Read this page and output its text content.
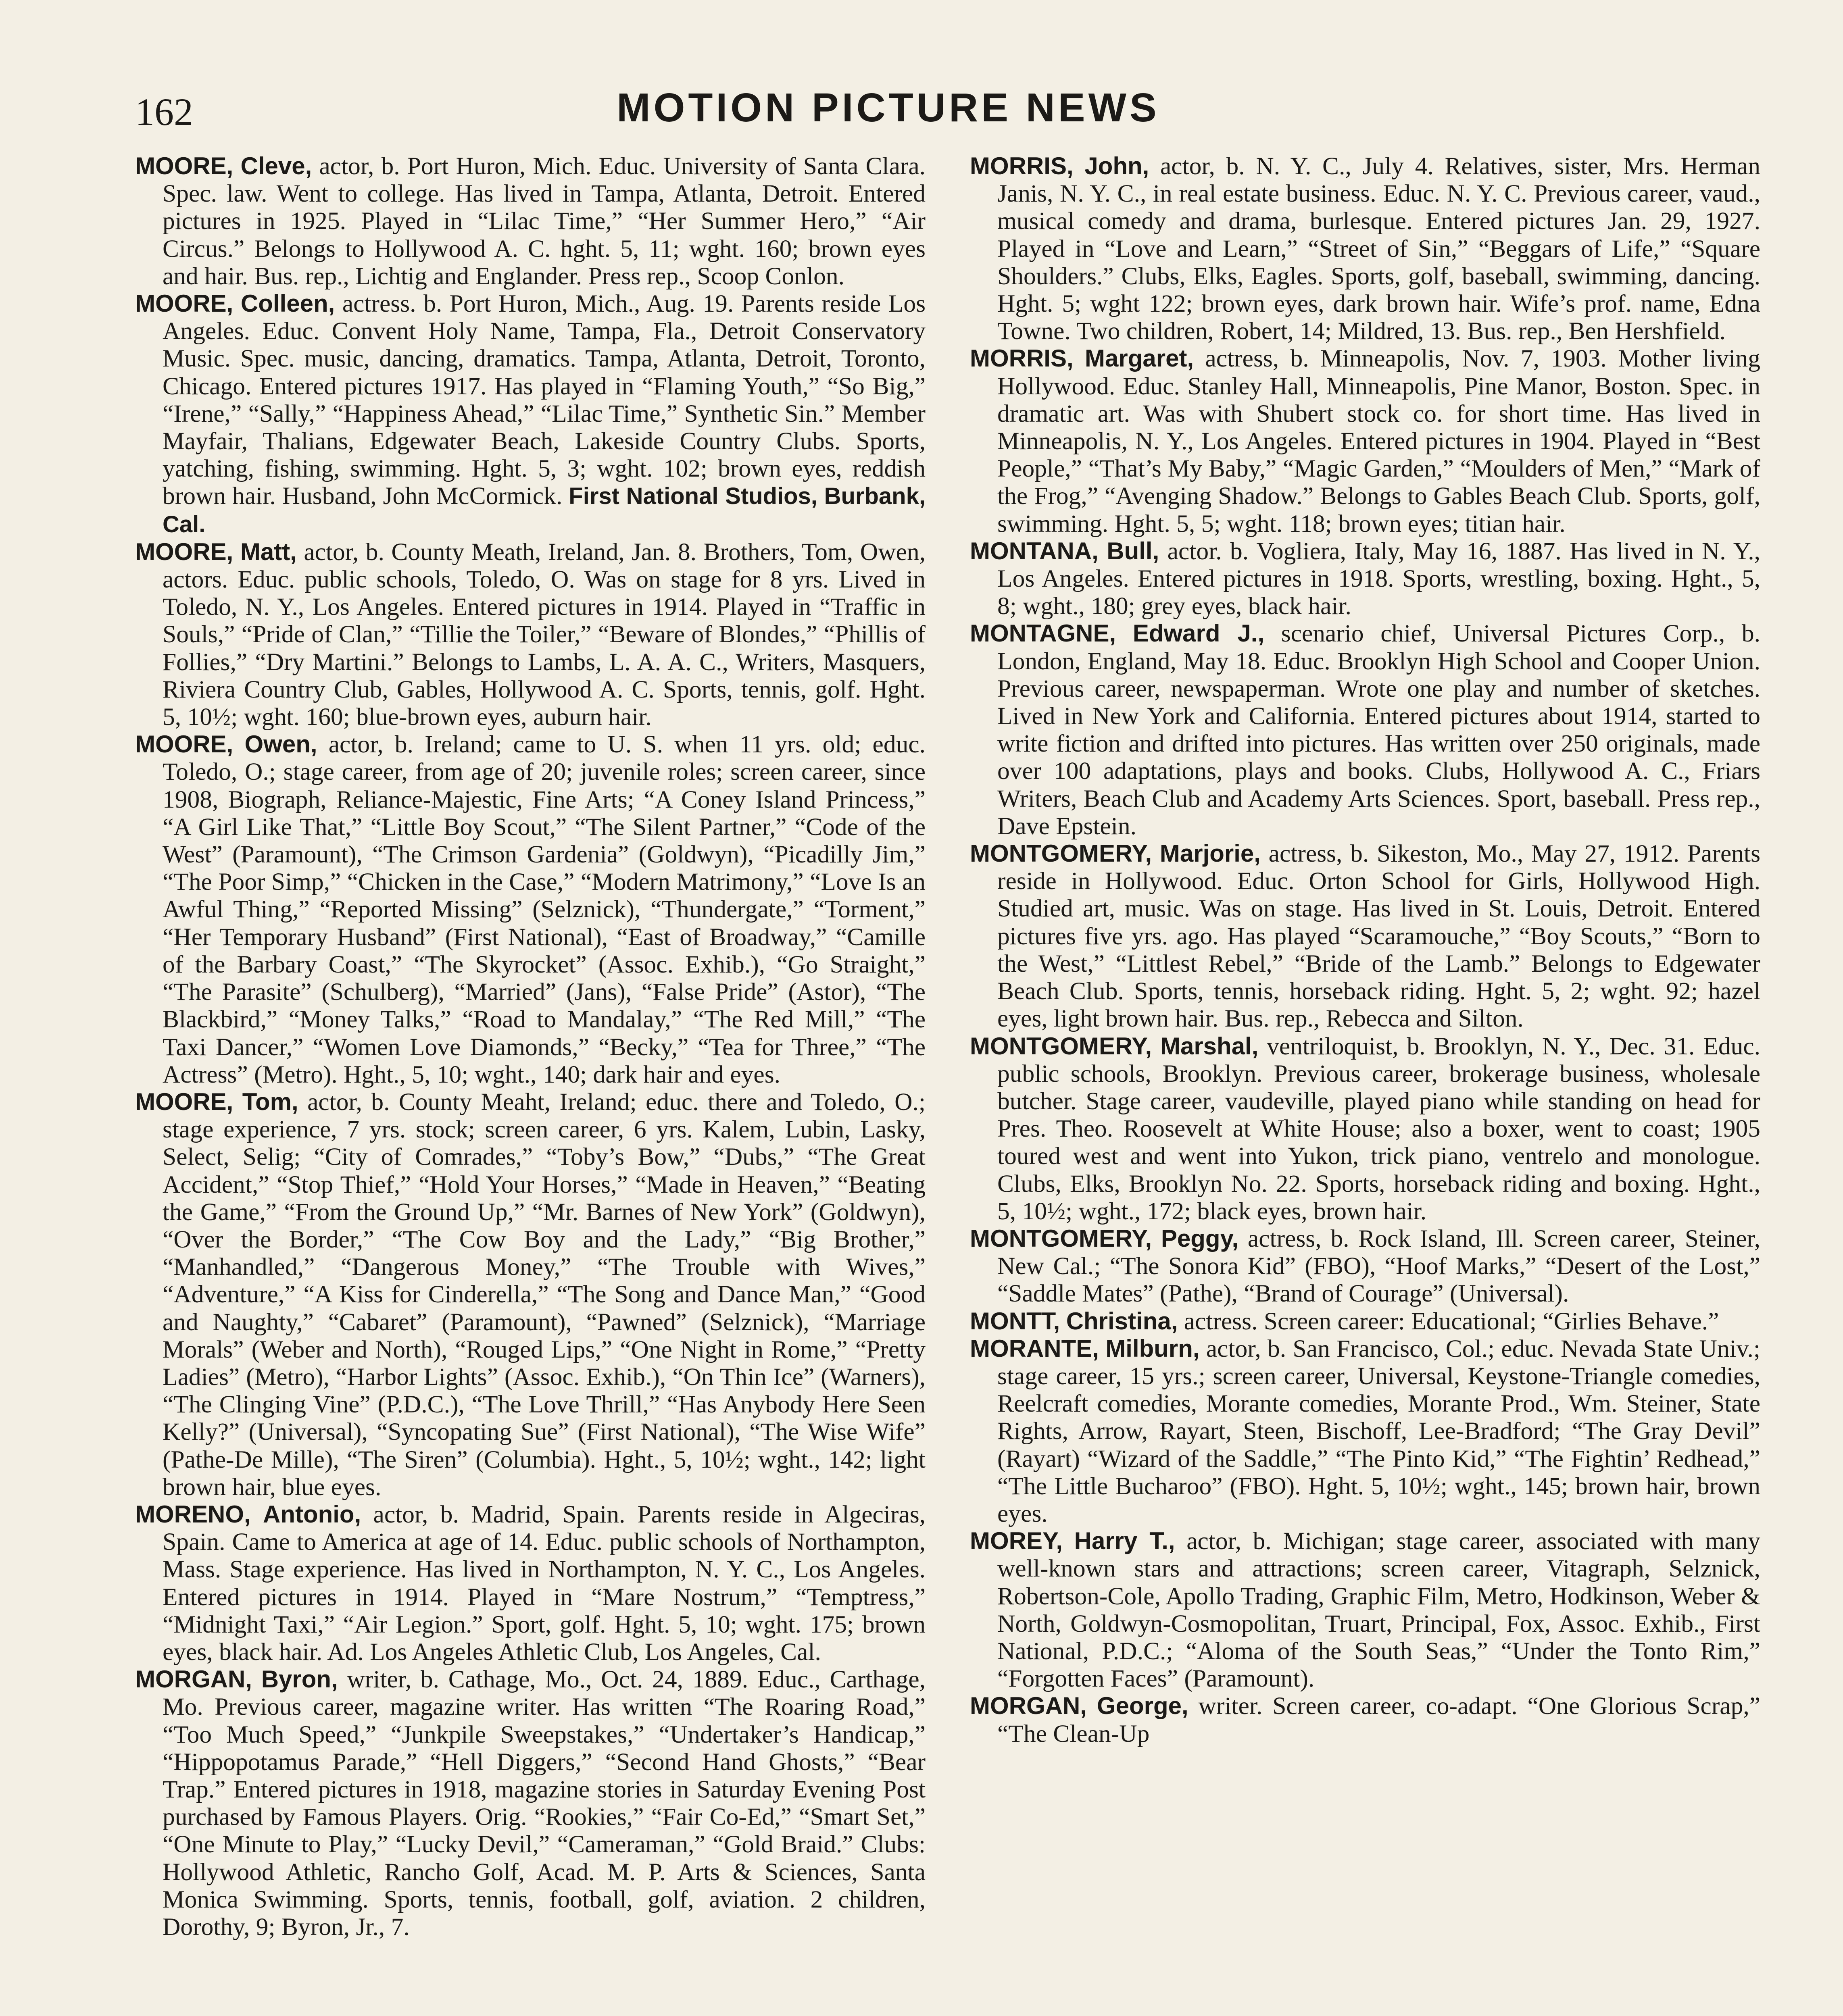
162	MOTION PICTURE NEWS

MOORE, Cleve, actor, b. Port Huron, Mich. Educ. University of Santa Clara. Spec. law. Went to college. Has lived in Tampa, Atlanta, Detroit. Entered pictures in 1925. Played in “Lilac Time,” “Her Summer Hero,” “Air Circus.” Belongs to Hollywood A. C. hght. 5, 11; wght. 160; brown eyes and hair. Bus. rep., Lichtig and Englander. Press rep., Scoop Conlon.

MOORE, Colleen, actress. b. Port Huron, Mich., Aug. 19. Parents reside Los Angeles. Educ. Convent Holy Name, Tampa, Fla., Detroit Conservatory Music. Spec. music, dancing, dramatics. Tampa, Atlanta, Detroit, Toronto, Chicago. Entered pictures 1917. Has played in “Flaming Youth,” “So Big,” “Irene,” “Sally,” “Happiness Ahead,” “Lilac Time,” Synthetic Sin.” Member Mayfair, Thalians, Edgewater Beach, Lakeside Country Clubs. Sports, yatching, fishing, swimming. Hght. 5, 3; wght. 102; brown eyes, reddish brown hair. Husband, John McCormick. First National Studios, Burbank, Cal.

MOORE, Matt, actor, b. County Meath, Ireland, Jan. 8. Brothers, Tom, Owen, actors. Educ. public schools, Toledo, O. Was on stage for 8 yrs. Lived in Toledo, N. Y., Los Angeles. Entered pictures in 1914. Played in “Traffic in Souls,” “Pride of Clan,” “Tillie the Toiler,” “Beware of Blondes,” “Phillis of Follies,” “Dry Martini.” Belongs to Lambs, L. A. A. C., Writers, Masquers, Riviera Country Club, Gables, Hollywood A. C. Sports, tennis, golf. Hght. 5, 10½; wght. 160; blue-brown eyes, auburn hair.

MOORE, Owen, actor, b. Ireland; came to U. S. when 11 yrs. old; educ. Toledo, O.; stage career, from age of 20; juvenile roles; screen career, since 1908, Biograph, Reliance-Majestic, Fine Arts; “A Coney Island Princess,” “A Girl Like That,” “Little Boy Scout,” “The Silent Partner,” “Code of the West” (Paramount), “The Crimson Gardenia” (Goldwyn), “Picadilly Jim,” “The Poor Simp,” “Chicken in the Case,” “Modern Matrimony,” “Love Is an Awful Thing,” “Reported Missing” (Selznick), “Thundergate,” “Torment,” “Her Temporary Husband” (First National), “East of Broadway,” “Camille of the Barbary Coast,” “The Skyrocket” (Assoc. Exhib.), “Go Straight,” “The Parasite” (Schulberg), “Married” (Jans), “False Pride” (Astor), “The Blackbird,” “Money Talks,” “Road to Mandalay,” “The Red Mill,” “The Taxi Dancer,” “Women Love Diamonds,” “Becky,” “Tea for Three,” “The Actress” (Metro). Hght., 5, 10; wght., 140; dark hair and eyes.

MOORE, Tom, actor, b. County Meaht, Ireland; educ. there and Toledo, O.; stage experience, 7 yrs. stock; screen career, 6 yrs. Kalem, Lubin, Lasky, Select, Selig; “City of Comrades,” “Toby’s Bow,” “Dubs,” “The Great Accident,” “Stop Thief,” “Hold Your Horses,” “Made in Heaven,” “Beating the Game,” “From the Ground Up,” “Mr. Barnes of New York” (Goldwyn), “Over the Border,” “The Cow Boy and the Lady,” “Big Brother,” “Manhandled,” “Dangerous Money,” “The Trouble with Wives,” “Adventure,” “A Kiss for Cinderella,” “The Song and Dance Man,” “Good and Naughty,” “Cabaret” (Paramount), “Pawned” (Selznick), “Marriage Morals” (Weber and North), “Rouged Lips,” “One Night in Rome,” “Pretty Ladies” (Metro), “Harbor Lights” (Assoc. Exhib.), “On Thin Ice” (Warners), “The Clinging Vine” (P.D.C.), “The Love Thrill,” “Has Anybody Here Seen Kelly?” (Universal), “Syncopating Sue” (First National), “The Wise Wife” (Pathe-De Mille), “The Siren” (Columbia). Hght., 5, 10½; wght., 142; light brown hair, blue eyes.

MORENO, Antonio, actor, b. Madrid, Spain. Parents reside in Algeciras, Spain. Came to America at age of 14. Educ. public schools of Northampton, Mass. Stage experience. Has lived in Northampton, N. Y. C., Los Angeles. Entered pictures in 1914. Played in “Mare Nostrum,” “Temptress,” “Midnight Taxi,” “Air Legion.” Sport, golf. Hght. 5, 10; wght. 175; brown eyes, black hair. Ad. Los Angeles Athletic Club, Los Angeles, Cal.

MORGAN, Byron, writer, b. Cathage, Mo., Oct. 24, 1889. Educ., Carthage, Mo. Previous career, magazine writer. Has written “The Roaring Road,” “Too Much Speed,” “Junkpile Sweepstakes,” “Undertaker’s Handicap,” “Hippopotamus Parade,” “Hell Diggers,” “Second Hand Ghosts,” “Bear Trap.” Entered pictures in 1918, magazine stories in Saturday Evening Post purchased by Famous Players. Orig. “Rookies,” “Fair Co-Ed,” “Smart Set,” “One Minute to Play,” “Lucky Devil,” “Cameraman,” “Gold Braid.” Clubs: Hollywood Athletic, Rancho Golf, Acad. M. P. Arts & Sciences, Santa Monica Swimming. Sports, tennis, football, golf, aviation. 2 children, Dorothy, 9; Byron, Jr., 7.

MORRIS, John, actor, b. N. Y. C., July 4. Relatives, sister, Mrs. Herman Janis, N. Y. C., in real estate business. Educ. N. Y. C. Previous career, vaud., musical comedy and drama, burlesque. Entered pictures Jan. 29, 1927. Played in “Love and Learn,” “Street of Sin,” “Beggars of Life,” “Square Shoulders.” Clubs, Elks, Eagles. Sports, golf, baseball, swimming, dancing. Hght. 5; wght 122; brown eyes, dark brown hair. Wife’s prof. name, Edna Towne. Two children, Robert, 14; Mildred, 13. Bus. rep., Ben Hershfield.

MORRIS, Margaret, actress, b. Minneapolis, Nov. 7, 1903. Mother living Hollywood. Educ. Stanley Hall, Minneapolis, Pine Manor, Boston. Spec. in dramatic art. Was with Shubert stock co. for short time. Has lived in Minneapolis, N. Y., Los Angeles. Entered pictures in 1904. Played in “Best People,” “That’s My Baby,” “Magic Garden,” “Moulders of Men,” “Mark of the Frog,” “Avenging Shadow.” Belongs to Gables Beach Club. Sports, golf, swimming. Hght. 5, 5; wght. 118; brown eyes; titian hair.

MONTANA, Bull, actor. b. Vogliera, Italy, May 16, 1887. Has lived in N. Y., Los Angeles. Entered pictures in 1918. Sports, wrestling, boxing. Hght., 5, 8; wght., 180; grey eyes, black hair.

MONTAGNE, Edward J., scenario chief, Universal Pictures Corp., b. London, England, May 18. Educ. Brooklyn High School and Cooper Union. Previous career, newspaperman. Wrote one play and number of sketches. Lived in New York and California. Entered pictures about 1914, started to write fiction and drifted into pictures. Has written over 250 originals, made over 100 adaptations, plays and books. Clubs, Hollywood A. C., Friars Writers, Beach Club and Academy Arts Sciences. Sport, baseball. Press rep., Dave Epstein.

MONTGOMERY, Marjorie, actress, b. Sikeston, Mo., May 27, 1912. Parents reside in Hollywood. Educ. Orton School for Girls, Hollywood High. Studied art, music. Was on stage. Has lived in St. Louis, Detroit. Entered pictures five yrs. ago. Has played “Scaramouche,” “Boy Scouts,” “Born to the West,” “Littlest Rebel,” “Bride of the Lamb.” Belongs to Edgewater Beach Club. Sports, tennis, horseback riding. Hght. 5, 2; wght. 92; hazel eyes, light brown hair. Bus. rep., Rebecca and Silton.

MONTGOMERY, Marshal, ventriloquist, b. Brooklyn, N. Y., Dec. 31. Educ. public schools, Brooklyn. Previous career, brokerage business, wholesale butcher. Stage career, vaudeville, played piano while standing on head for Pres. Theo. Roosevelt at White House; also a boxer, went to coast; 1905 toured west and went into Yukon, trick piano, ventrelo and monologue. Clubs, Elks, Brooklyn No. 22. Sports, horseback riding and boxing. Hght., 5, 10½; wght., 172; black eyes, brown hair.

MONTGOMERY, Peggy, actress, b. Rock Island, Ill. Screen career, Steiner, New Cal.; “The Sonora Kid” (FBO), “Hoof Marks,” “Desert of the Lost,” “Saddle Mates” (Pathe), “Brand of Courage” (Universal).

MONTT, Christina, actress. Screen career: Educational; “Girlies Behave.”

MORANTE, Milburn, actor, b. San Francisco, Col.; educ. Nevada State Univ.; stage career, 15 yrs.; screen career, Universal, Keystone-Triangle comedies, Reelcraft comedies, Morante comedies, Morante Prod., Wm. Steiner, State Rights, Arrow, Rayart, Steen, Bischoff, Lee-Bradford; “The Gray Devil” (Rayart) “Wizard of the Saddle,” “The Pinto Kid,” “The Fightin’ Redhead,” “The Little Bucharoo” (FBO). Hght. 5, 10½; wght., 145; brown hair, brown eyes.

MOREY, Harry T., actor, b. Michigan; stage career, associated with many well-known stars and attractions; screen career, Vitagraph, Selznick, Robertson-Cole, Apollo Trading, Graphic Film, Metro, Hodkinson, Weber & North, Goldwyn-Cosmopolitan, Truart, Principal, Fox, Assoc. Exhib., First National, P.D.C.; “Aloma of the South Seas,” “Under the Tonto Rim,” “Forgotten Faces” (Paramount).

MORGAN, George, writer. Screen career, co-adapt. “One Glorious Scrap,” “The Clean-Up
